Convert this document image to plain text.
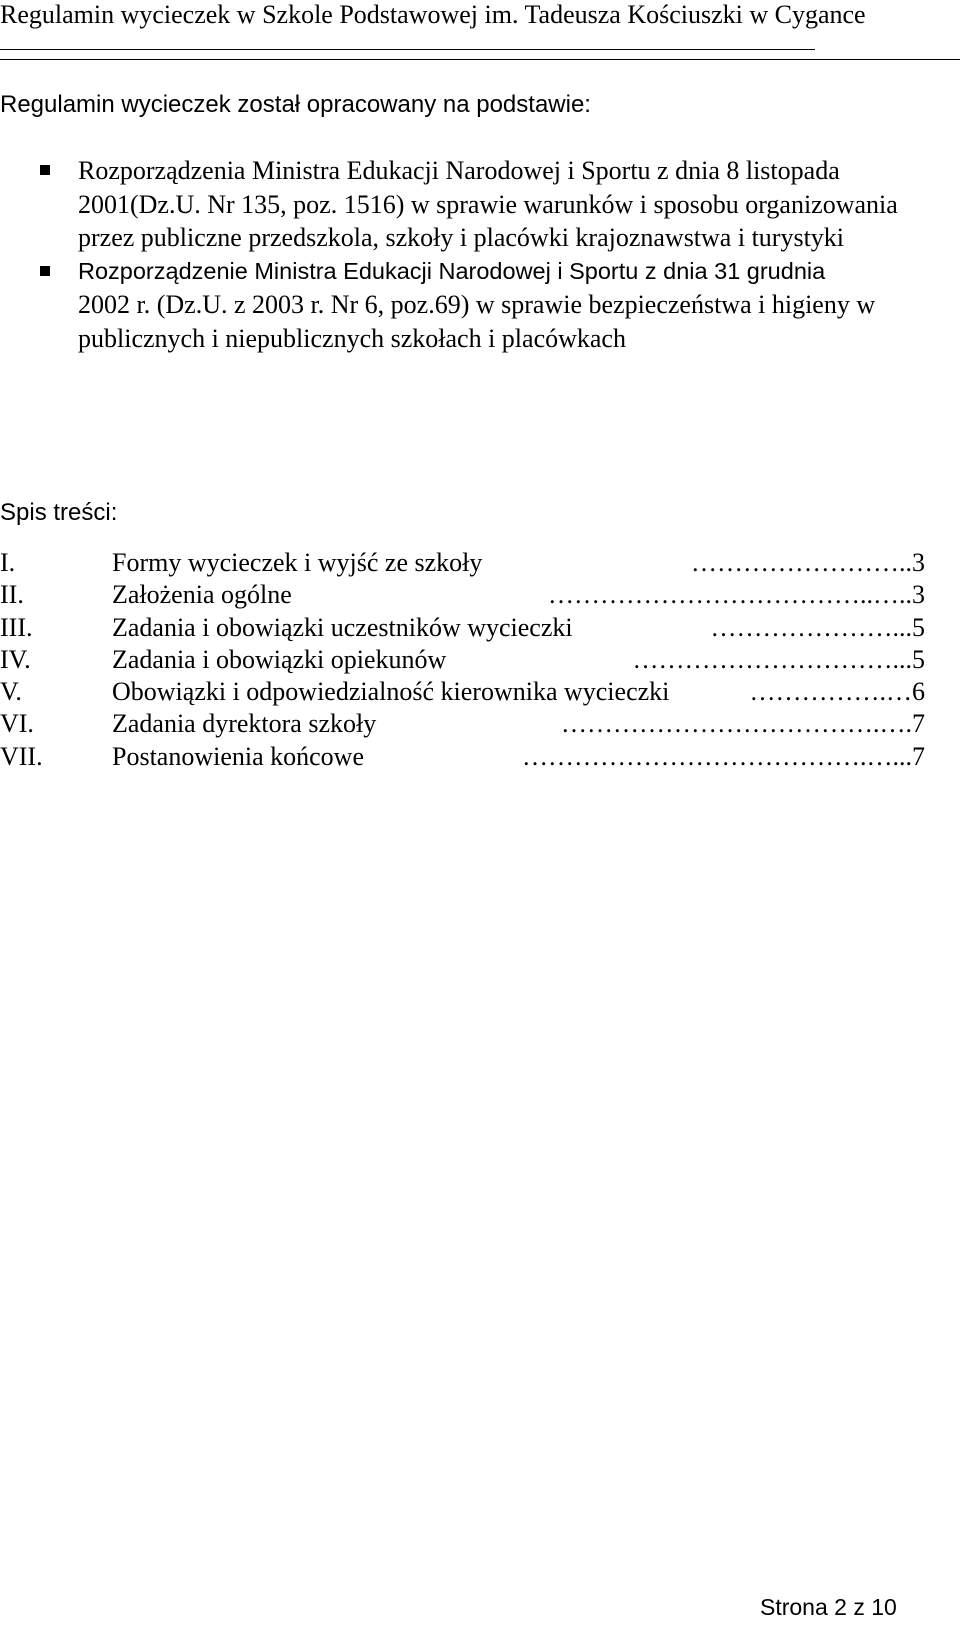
Regulamin wycieczek w Szkole Podstawowej im. Tadeusza Kościuszki w Cygance
Regulamin wycieczek został opracowany na podstawie:
Rozporządzenia Ministra Edukacji Narodowej i Sportu z dnia 8 listopada 2001(Dz.U. Nr 135, poz. 1516) w sprawie warunków i sposobu organizowania przez publiczne przedszkola, szkoły i placówki krajoznawstwa i turystyki
Rozporządzenie Ministra Edukacji Narodowej i Sportu z dnia 31 grudnia
2002 r. (Dz.U. z 2003 r. Nr 6, poz.69) w sprawie bezpieczeństwa i higieny w publicznych i niepublicznych szkołach i placówkach
Spis treści:
I.	Formy wycieczek i wyjść ze szkoły	…………………….. 3
II.	Założenia ogólne	………………………………..….. 3
III.	Zadania i obowiązki uczestników wycieczki	…………………... 5
IV.	Zadania i obowiązki opiekunów	…………………………... 5
V.	Obowiązki i odpowiedzialność kierownika wycieczki	…………….… 6
VI.	Zadania dyrektora szkoły	……………………………….…. 7
VII.	Postanowienia końcowe	………………………………….…... 7
Strona 2 z 10
